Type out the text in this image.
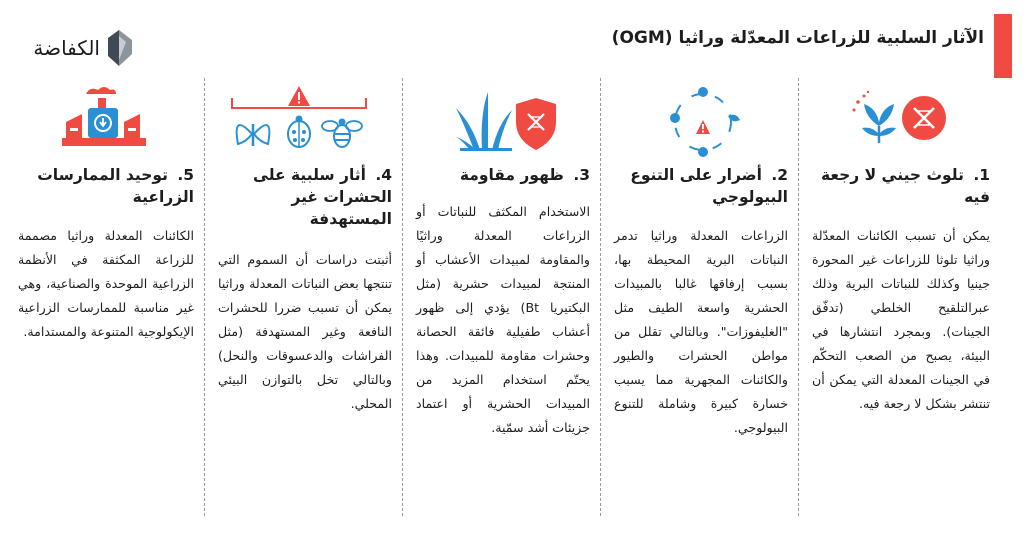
الآثار السلبية للزراعات المعدّلة وراثيا (OGM)
الكفاضة
1. تلوث جيني لا رجعة فيه
يمكن أن تسبب الكائنات المعدّلة وراثيا تلوثا للزراعات غير المحورة جينيا وكذلك للنباتات البرية وذلك عبرالتلقيح الخلطي (تدفّق الجينات). وبمجرد انتشارها في البيئة، يصبح من الصعب التحكّم في الجينات المعدلة التي يمكن أن تنتشر بشكل لا رجعة فيه.
2. أضرار على التنوع البيولوجي
الزراعات المعدلة وراثيا تدمر النباتات البرية المحيطة بها، بسبب إرفاقها غالبا بالمبيدات الحشرية واسعة الطيف مثل "الغليفوزات". وبالتالي تقلل من مواطن الحشرات والطيور والكائنات المجهرية مما يسبب خسارة كبيرة وشاملة للتنوع البيولوجي.
3. ظهور مقاومة
الاستخدام المكثف للنباتات أو الزراعات المعدلة وراثيًا والمقاومة لمبيدات الأعشاب أو المنتجة لمبيدات حشرية (مثل البكتيريا Bt) يؤدي إلى ظهور أعشاب طفيلية فائقة الحصانة وحشرات مقاومة للمبيدات. وهذا يحتّم استخدام المزيد من المبيدات الحشرية أو اعتماد جزيئات أشد سمّية.
4. أثار سلبية على الحشرات غير المستهدفة
أثبتت دراسات أن السموم التي تنتجها بعض النباتات المعدلة وراثيا يمكن أن تسبب ضررا للحشرات النافعة وغير المستهدفة (مثل الفراشات والدعسوقات والنحل) وبالتالي تخل بالتوازن البيئي المحلي.
5. توحيد الممارسات الزراعية
الكائنات المعدلة وراثيا مصممة للزراعة المكثفة في الأنظمة الزراعية الموحدة والصناعية، وهي غير مناسبة للممارسات الزراعية الإيكولوجية المتنوعة والمستدامة.
